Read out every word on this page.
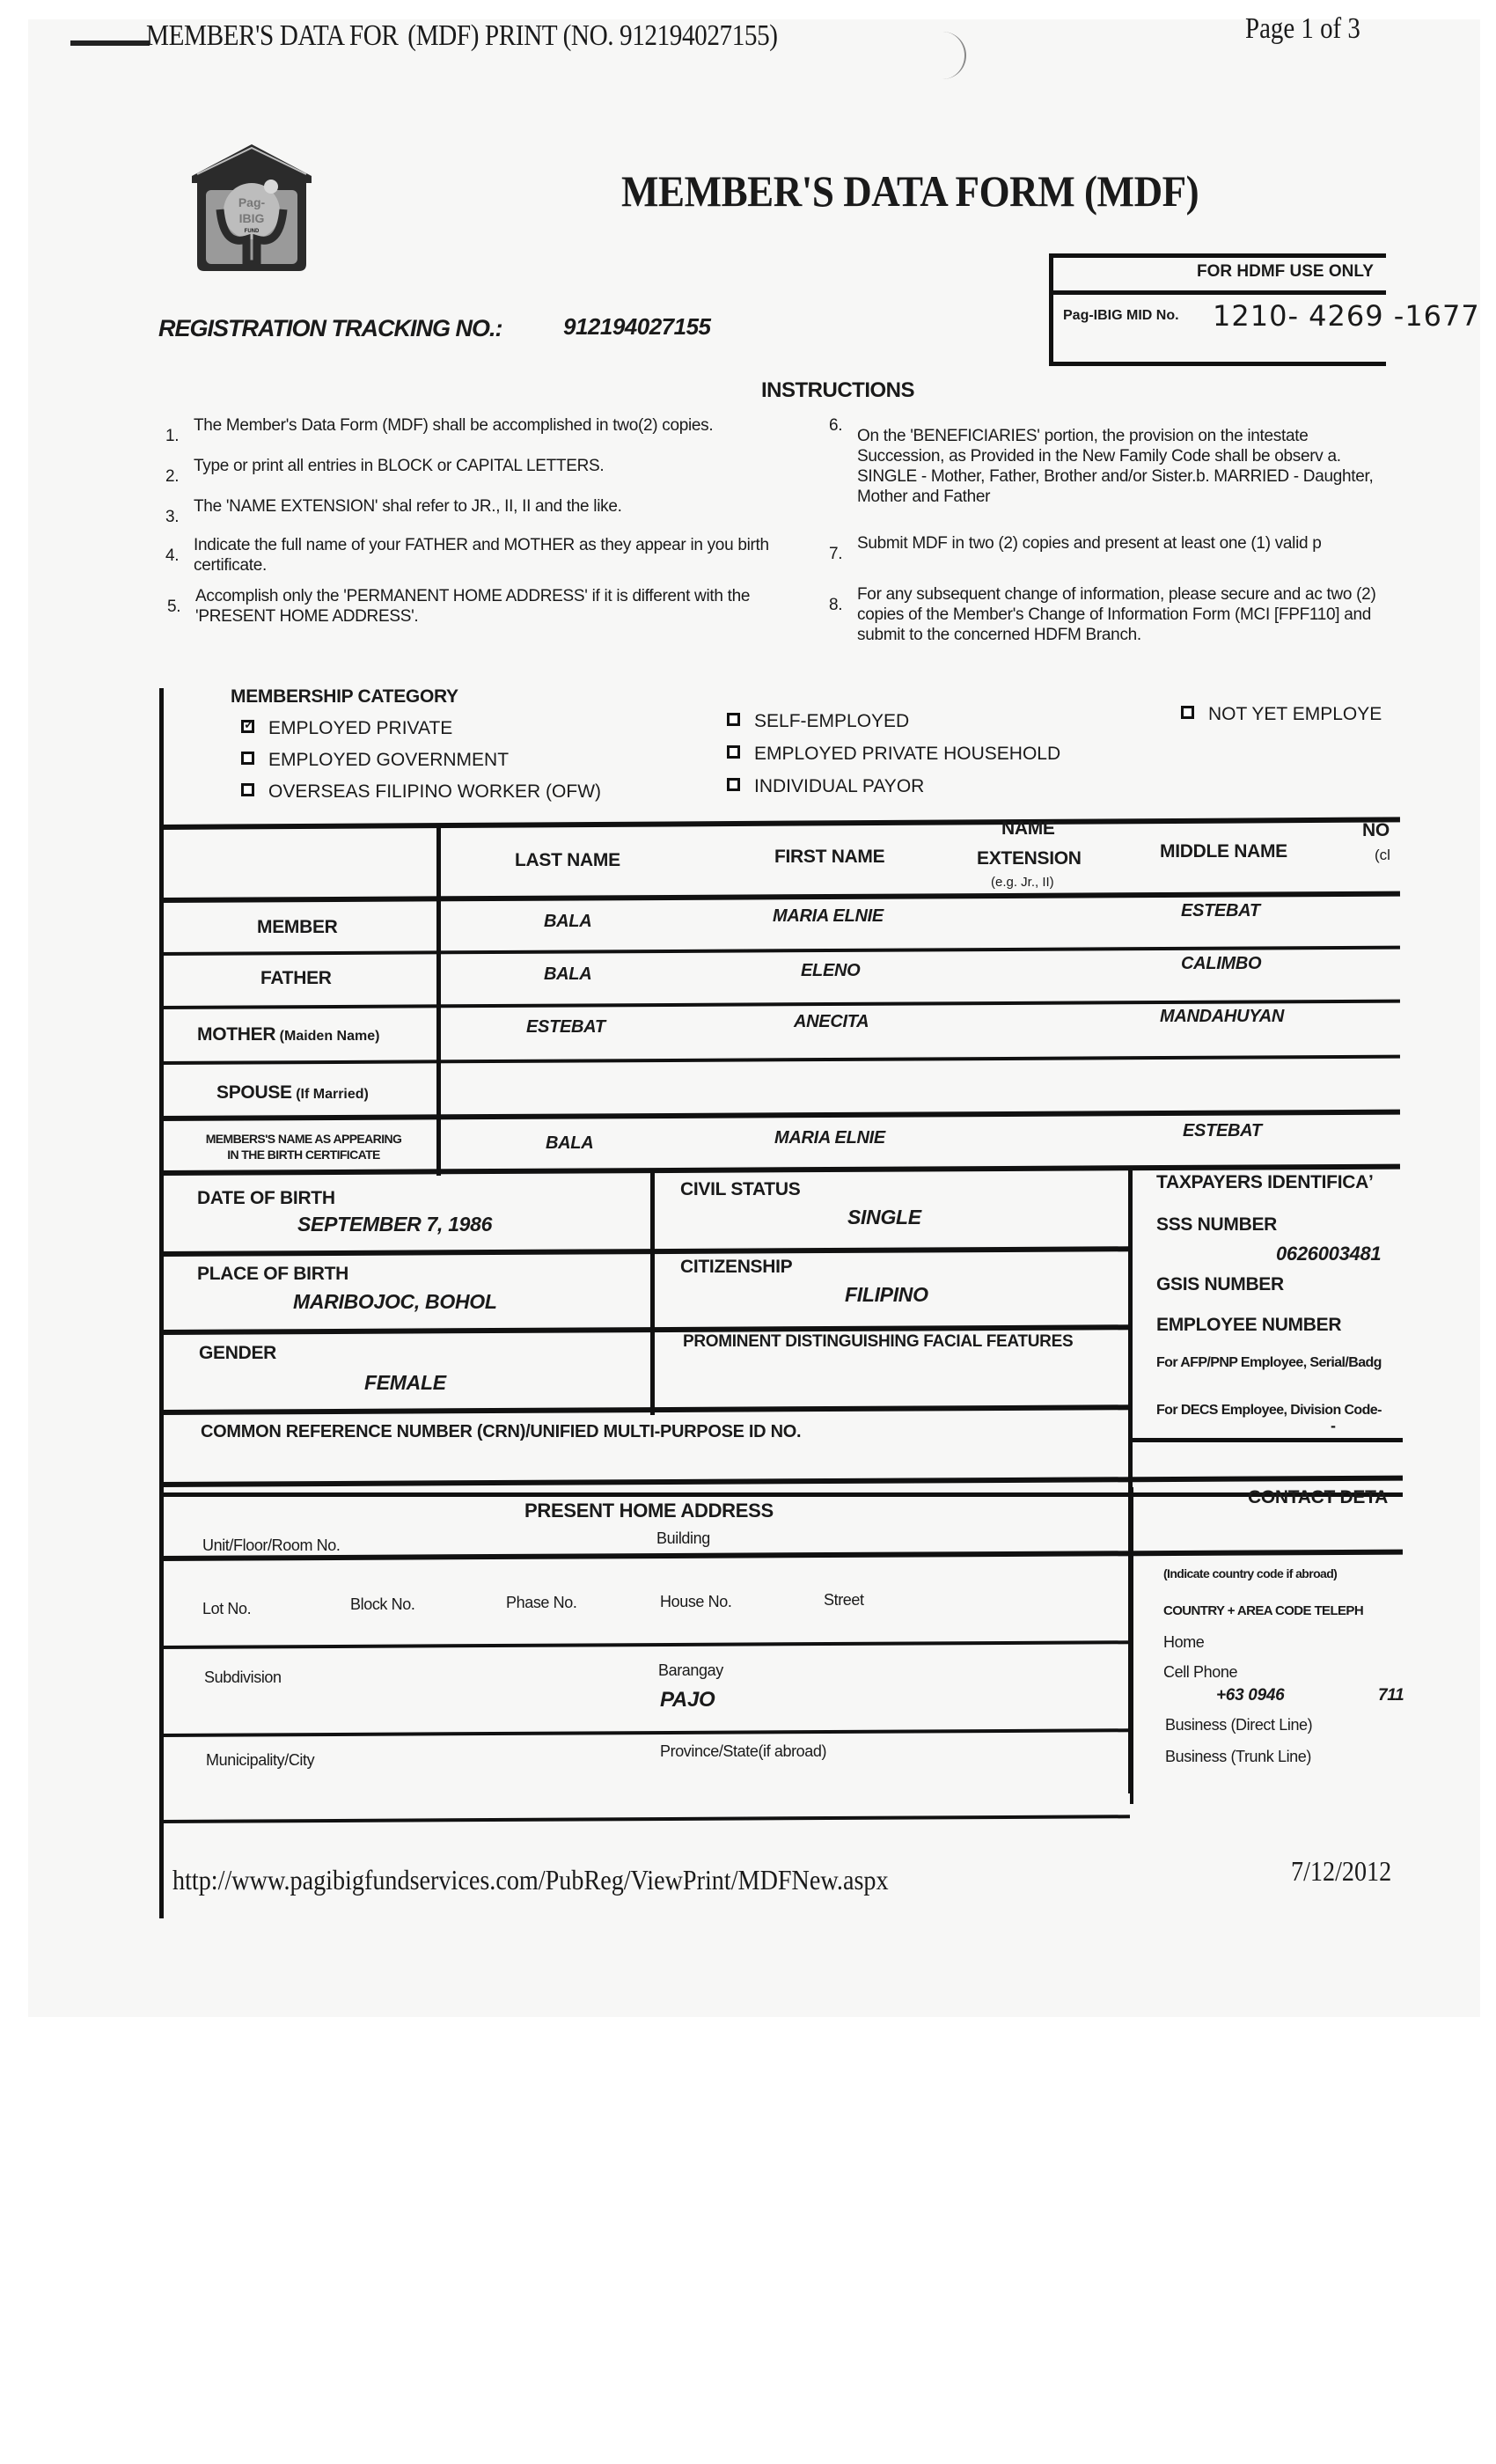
MEMBER'S DATA FOR  (MDF) PRINT (NO. 912194027155)	Page 1 of 3
Pag-
IBIG
FUND
MEMBER'S DATA FORM (MDF)
FOR HDMF USE ONLY
Pag-IBIG MID No. 1210- 4269 -1677
REGISTRATION TRACKING NO.:	912194027155
INSTRUCTIONS
1.
The Member's Data Form (MDF) shall be accomplished in two(2) copies.
2.
Type or print all entries in BLOCK or CAPITAL LETTERS.
3.
The 'NAME EXTENSION' shal refer to JR., II, II and the like.
4.
Indicate the full name of your FATHER and MOTHER as they appear in you birth certificate.
5.
Accomplish only the 'PERMANENT HOME ADDRESS' if it is different with the 'PRESENT HOME ADDRESS'.
6.
On the 'BENEFICIARIES' portion, the provision on the intestate Succession, as Provided in the New Family Code shall be observ a. SINGLE - Mother, Father, Brother and/or Sister.b. MARRIED - Daughter, Mother and Father
7.
Submit MDF in two (2) copies and present at least one (1) valid p
8.
For any subsequent change of information, please secure and ac two (2) copies of the Member's Change of Information Form (MCI [FPF110] and submit to the concerned HDFM Branch.
MEMBERSHIP CATEGORY
✓EMPLOYED PRIVATE
EMPLOYED GOVERNMENT
OVERSEAS FILIPINO WORKER (OFW)
SELF-EMPLOYED
EMPLOYED PRIVATE HOUSEHOLD
INDIVIDUAL PAYOR
NOT YET EMPLOYE
LAST NAME	FIRST NAME
NAME
EXTENSION
(e.g. Jr., II)
MIDDLE NAME
NO
(cl
MEMBER	BALA	MARIA ELNIE	ESTEBAT
FATHER	BALA	ELENO	CALIMBO
MOTHER (Maiden Name)	ESTEBAT	ANECITA	MANDAHUYAN
SPOUSE (If Married)
MEMBERS'S NAME AS APPEARING
IN THE BIRTH CERTIFICATE
BALA	MARIA ELNIE	ESTEBAT
DATE OF BIRTH
SEPTEMBER 7, 1986
CIVIL STATUS
SINGLE
PLACE OF BIRTH
MARIBOJOC, BOHOL
CITIZENSHIP
FILIPINO
GENDER
FEMALE
PROMINENT DISTINGUISHING FACIAL FEATURES
COMMON REFERENCE NUMBER (CRN)/UNIFIED MULTI-PURPOSE ID NO.
TAXPAYERS IDENTIFICAʼ
SSS NUMBER
0626003481
GSIS NUMBER
EMPLOYEE NUMBER
For AFP/PNP Employee, Serial/Badg
For DECS Employee, Division Code-
-
PRESENT HOME ADDRESS
Unit/Floor/Room No.	Building
Lot No.	Block No.	Phase No.	House No.	Street
Subdivision	Barangay
PAJO
Municipality/City	Province/State(if abroad)
CONTACT DETA
(Indicate country code if abroad)
COUNTRY + AREA CODE TELEPH
Home
Cell Phone
+63 0946	711
Business (Direct Line)
Business (Trunk Line)
http://www.pagibigfundservices.com/PubReg/ViewPrint/MDFNew.aspx	7/12/2012
